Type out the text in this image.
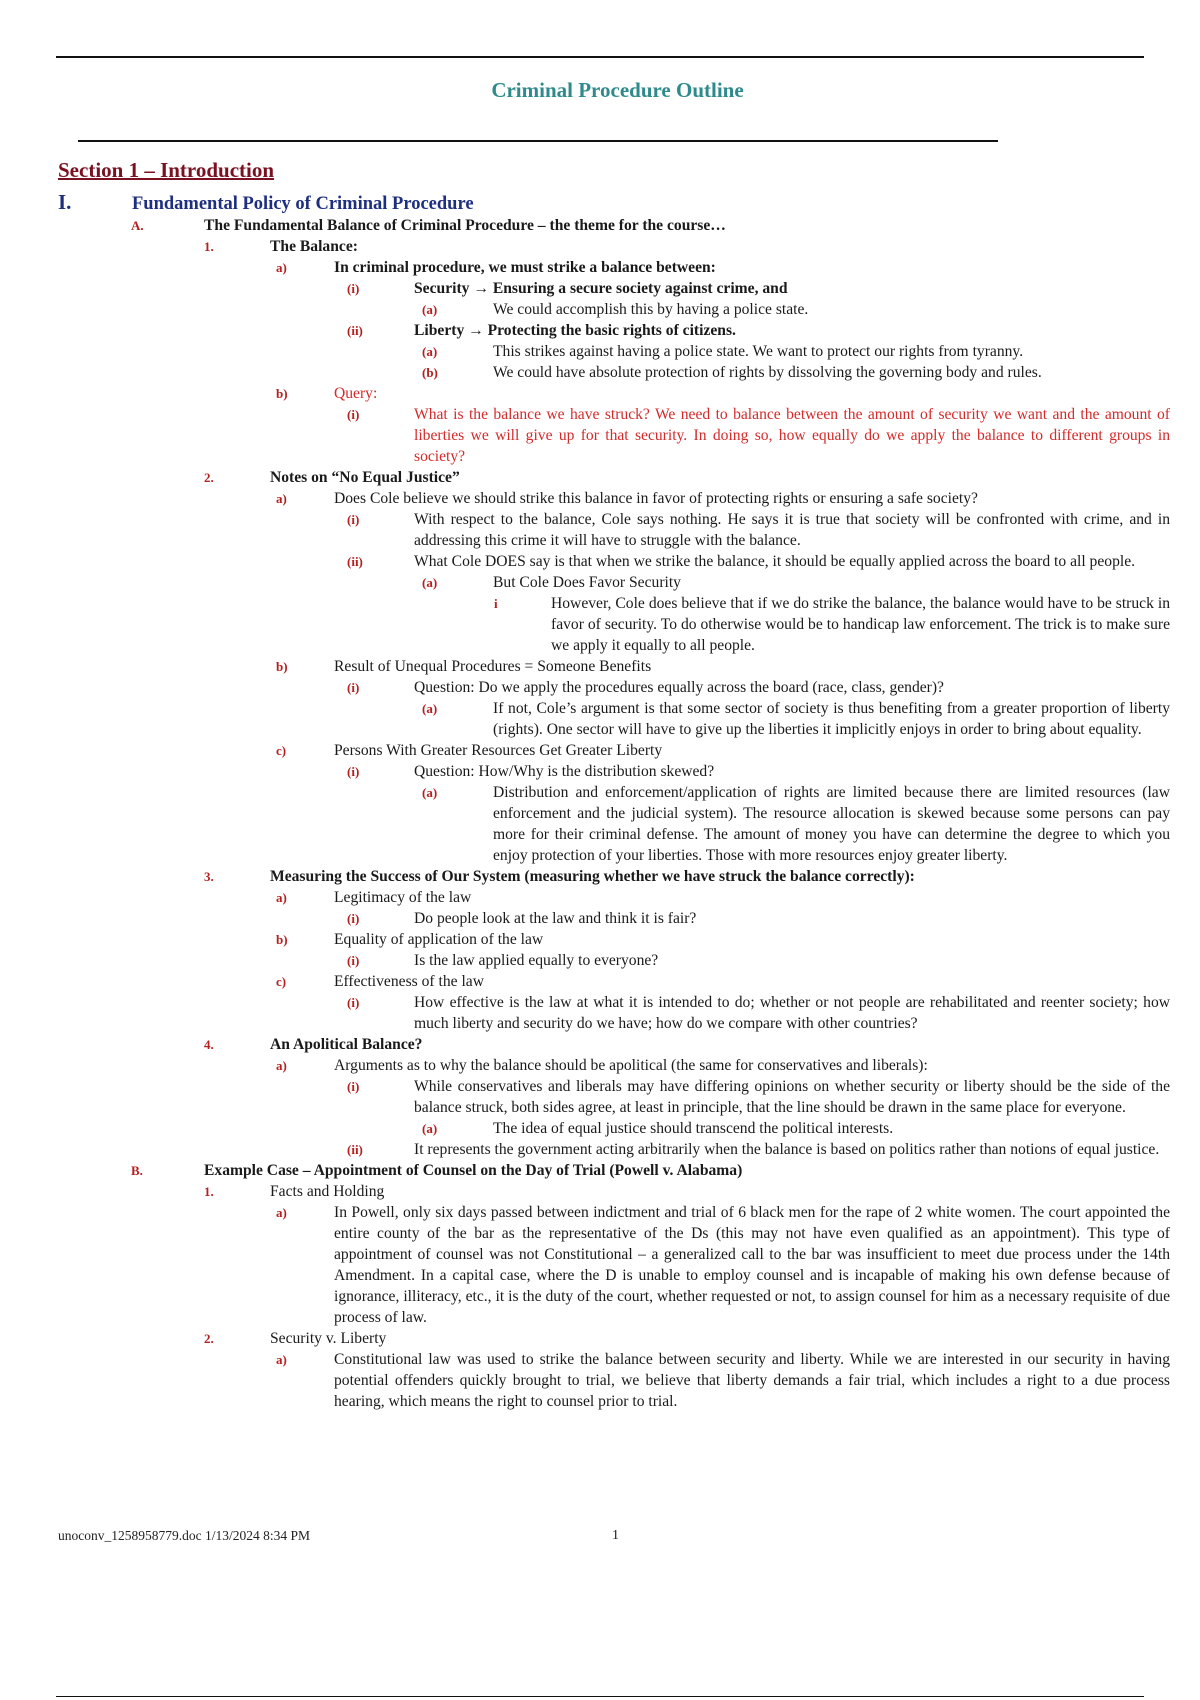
Criminal Procedure Outline
Section 1 – Introduction
I.	Fundamental Policy of Criminal Procedure
A.	The Fundamental Balance of Criminal Procedure – the theme for the course…
1.	The Balance:
a)	In criminal procedure, we must strike a balance between:
(i)	Security → Ensuring a secure society against crime, and
(a)	We could accomplish this by having a police state.
(ii)	Liberty → Protecting the basic rights of citizens.
(a)	This strikes against having a police state. We want to protect our rights from tyranny.
(b)	We could have absolute protection of rights by dissolving the governing body and rules.
b)	Query:
(i)	What is the balance we have struck? We need to balance between the amount of security we want and the amount of liberties we will give up for that security. In doing so, how equally do we apply the balance to different groups in society?
2.	Notes on “No Equal Justice”
a)	Does Cole believe we should strike this balance in favor of protecting rights or ensuring a safe society?
(i)	With respect to the balance, Cole says nothing. He says it is true that society will be confronted with crime, and in addressing this crime it will have to struggle with the balance.
(ii)	What Cole DOES say is that when we strike the balance, it should be equally applied across the board to all people.
(a)	But Cole Does Favor Security
i	However, Cole does believe that if we do strike the balance, the balance would have to be struck in favor of security. To do otherwise would be to handicap law enforcement. The trick is to make sure we apply it equally to all people.
b)	Result of Unequal Procedures = Someone Benefits
(i)	Question: Do we apply the procedures equally across the board (race, class, gender)?
(a)	If not, Cole’s argument is that some sector of society is thus benefiting from a greater proportion of liberty (rights). One sector will have to give up the liberties it implicitly enjoys in order to bring about equality.
c)	Persons With Greater Resources Get Greater Liberty
(i)	Question: How/Why is the distribution skewed?
(a)	Distribution and enforcement/application of rights are limited because there are limited resources (law enforcement and the judicial system). The resource allocation is skewed because some persons can pay more for their criminal defense. The amount of money you have can determine the degree to which you enjoy protection of your liberties. Those with more resources enjoy greater liberty.
3.	Measuring the Success of Our System (measuring whether we have struck the balance correctly):
a)	Legitimacy of the law
(i)	Do people look at the law and think it is fair?
b)	Equality of application of the law
(i)	Is the law applied equally to everyone?
c)	Effectiveness of the law
(i)	How effective is the law at what it is intended to do; whether or not people are rehabilitated and reenter society; how much liberty and security do we have; how do we compare with other countries?
4.	An Apolitical Balance?
a)	Arguments as to why the balance should be apolitical (the same for conservatives and liberals):
(i)	While conservatives and liberals may have differing opinions on whether security or liberty should be the side of the balance struck, both sides agree, at least in principle, that the line should be drawn in the same place for everyone.
(a)	The idea of equal justice should transcend the political interests.
(ii)	It represents the government acting arbitrarily when the balance is based on politics rather than notions of equal justice.
B.	Example Case – Appointment of Counsel on the Day of Trial (Powell v. Alabama)
1.	Facts and Holding
a)	In Powell, only six days passed between indictment and trial of 6 black men for the rape of 2 white women. The court appointed the entire county of the bar as the representative of the Ds (this may not have even qualified as an appointment). This type of appointment of counsel was not Constitutional – a generalized call to the bar was insufficient to meet due process under the 14th Amendment. In a capital case, where the D is unable to employ counsel and is incapable of making his own defense because of ignorance, illiteracy, etc., it is the duty of the court, whether requested or not, to assign counsel for him as a necessary requisite of due process of law.
2.	Security v. Liberty
a)	Constitutional law was used to strike the balance between security and liberty. While we are interested in our security in having potential offenders quickly brought to trial, we believe that liberty demands a fair trial, which includes a right to a due process hearing, which means the right to counsel prior to trial.
unoconv_1258958779.doc 1/13/2024 8:34 PM	1
